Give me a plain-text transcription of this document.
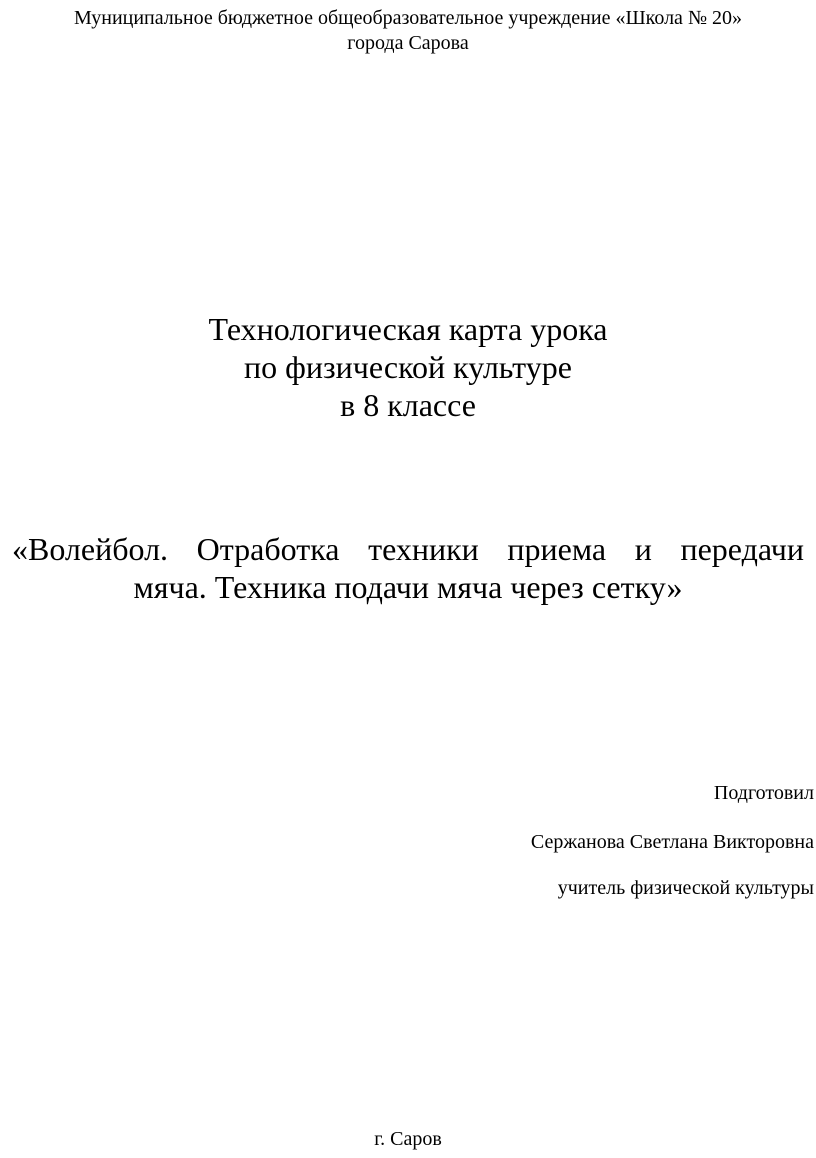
Муниципальное бюджетное общеобразовательное учреждение «Школа № 20»
города Сарова
Технологическая карта урока
по физической культуре
в 8 классе
«Волейбол. Отработка техники приема и передачи
мяча. Техника подачи мяча через сетку»
Подготовил
Сержанова Светлана Викторовна
учитель физической культуры
г. Саров
